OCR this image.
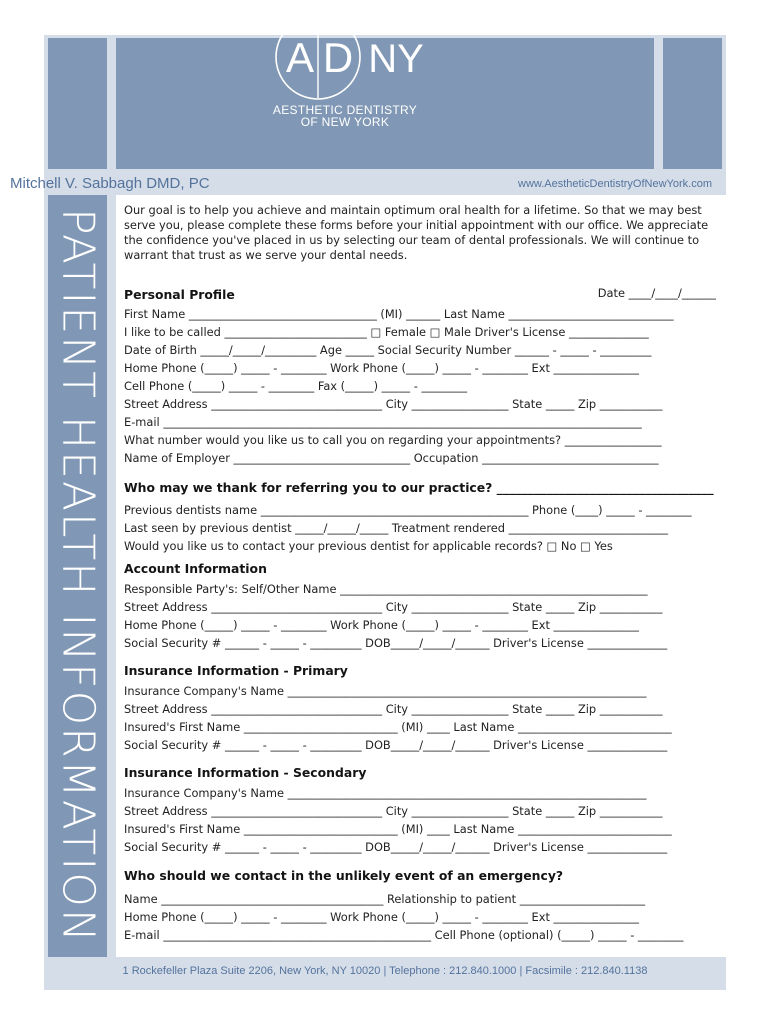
A NY
D
AESTHETIC DENTISTRY
OF NEW YORK
Mitchell V. Sabbagh DMD, PC	www.AestheticDentistryOfNewYork.com
PATIENT HEALTH INFORMATION Our goal is to help you achieve and maintain optimum oral health for a lifetime. So that we may best serve you, please complete these forms before your initial appointment with our office. We appreciate the confidence you've placed in us by selecting our team of dental professionals. We will continue to warrant that trust as we serve your dental needs.
Personal Profile	Date ____/____/______
First Name _________________________________ (MI) ______ Last Name _____________________________
I like to be called _________________________ □ Female □ Male Driver's License ______________
Date of Birth _____/_____/_________ Age _____ Social Security Number ______ - _____ - _________
Home Phone (_____) _____ - ________ Work Phone (_____) _____ - ________ Ext _______________
Cell Phone (_____) _____ - ________ Fax (_____) _____ - ________
Street Address ______________________________ City _________________ State _____ Zip ___________
E-mail ____________________________________________________________________________________
What number would you like us to call you on regarding your appointments? _________________
Name of Employer _______________________________ Occupation _______________________________
Who may we thank for referring you to our practice? ___________________________________
Previous dentists name _______________________________________________ Phone (____) _____ - ________
Last seen by previous dentist _____/_____/_____ Treatment rendered ____________________________
Would you like us to contact your previous dentist for applicable records? □ No □ Yes
Account Information
Responsible Party's: Self/Other Name ______________________________________________________
Street Address ______________________________ City _________________ State _____ Zip ___________
Home Phone (_____) _____ - ________ Work Phone (_____) _____ - ________ Ext _______________
Social Security # ______ - _____ - _________ DOB_____/_____/______ Driver's License ______________
Insurance Information - Primary
Insurance Company's Name _______________________________________________________________
Street Address ______________________________ City _________________ State _____ Zip ___________
Insured's First Name ___________________________ (MI) ____ Last Name ___________________________
Social Security # ______ - _____ - _________ DOB_____/_____/______ Driver's License ______________
Insurance Information - Secondary
Insurance Company's Name _______________________________________________________________
Street Address ______________________________ City _________________ State _____ Zip ___________
Insured's First Name ___________________________ (MI) ____ Last Name ___________________________
Social Security # ______ - _____ - _________ DOB_____/_____/______ Driver's License ______________
Who should we contact in the unlikely event of an emergency?
Name _______________________________________ Relationship to patient ______________________
Home Phone (_____) _____ - ________ Work Phone (_____) _____ - ________ Ext _______________
E-mail _______________________________________________ Cell Phone (optional) (_____) _____ - ________
1 Rockefeller Plaza Suite 2206, New York, NY 10020 | Telephone : 212.840.1000 | Facsimile : 212.840.1138
